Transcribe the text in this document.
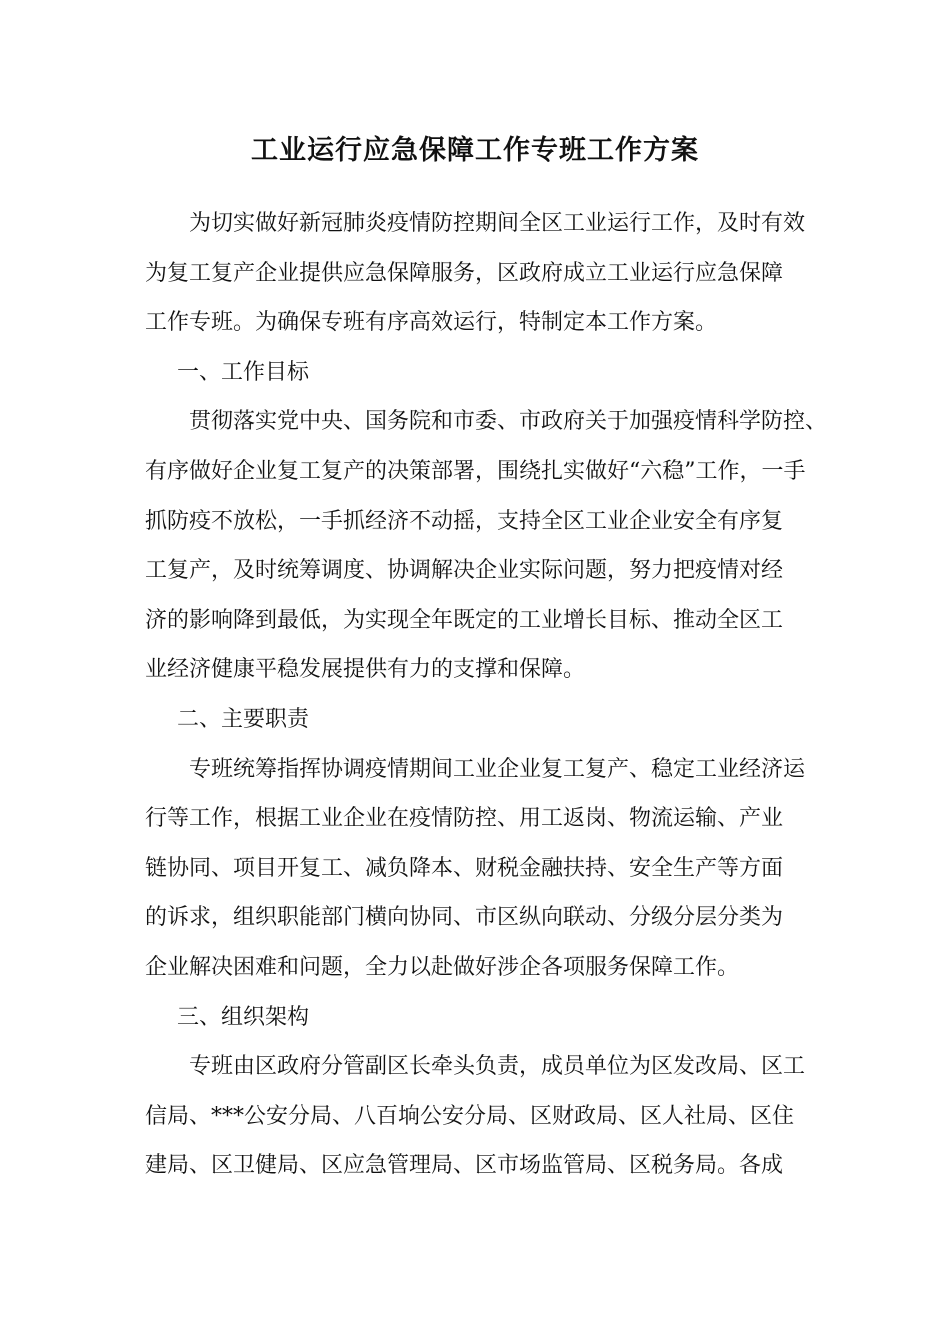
工业运行应急保障工作专班工作方案

为切实做好新冠肺炎疫情防控期间全区工业运行工作，及时有效
为复工复产企业提供应急保障服务，区政府成立工业运行应急保障
工作专班。为确保专班有序高效运行，特制定本工作方案。

一、工作目标

贯彻落实党中央、国务院和市委、市政府关于加强疫情科学防控、
有序做好企业复工复产的决策部署，围绕扎实做好“六稳”工作，一手
抓防疫不放松，一手抓经济不动摇，支持全区工业企业安全有序复
工复产，及时统筹调度、协调解决企业实际问题，努力把疫情对经
济的影响降到最低，为实现全年既定的工业增长目标、推动全区工
业经济健康平稳发展提供有力的支撑和保障。

二、主要职责

专班统筹指挥协调疫情期间工业企业复工复产、稳定工业经济运
行等工作，根据工业企业在疫情防控、用工返岗、物流运输、产业
链协同、项目开复工、减负降本、财税金融扶持、安全生产等方面
的诉求，组织职能部门横向协同、市区纵向联动、分级分层分类为
企业解决困难和问题，全力以赴做好涉企各项服务保障工作。

三、组织架构

专班由区政府分管副区长牵头负责，成员单位为区发改局、区工
信局、***公安分局、八百垧公安分局、区财政局、区人社局、区住
建局、区卫健局、区应急管理局、区市场监管局、区税务局。各成
